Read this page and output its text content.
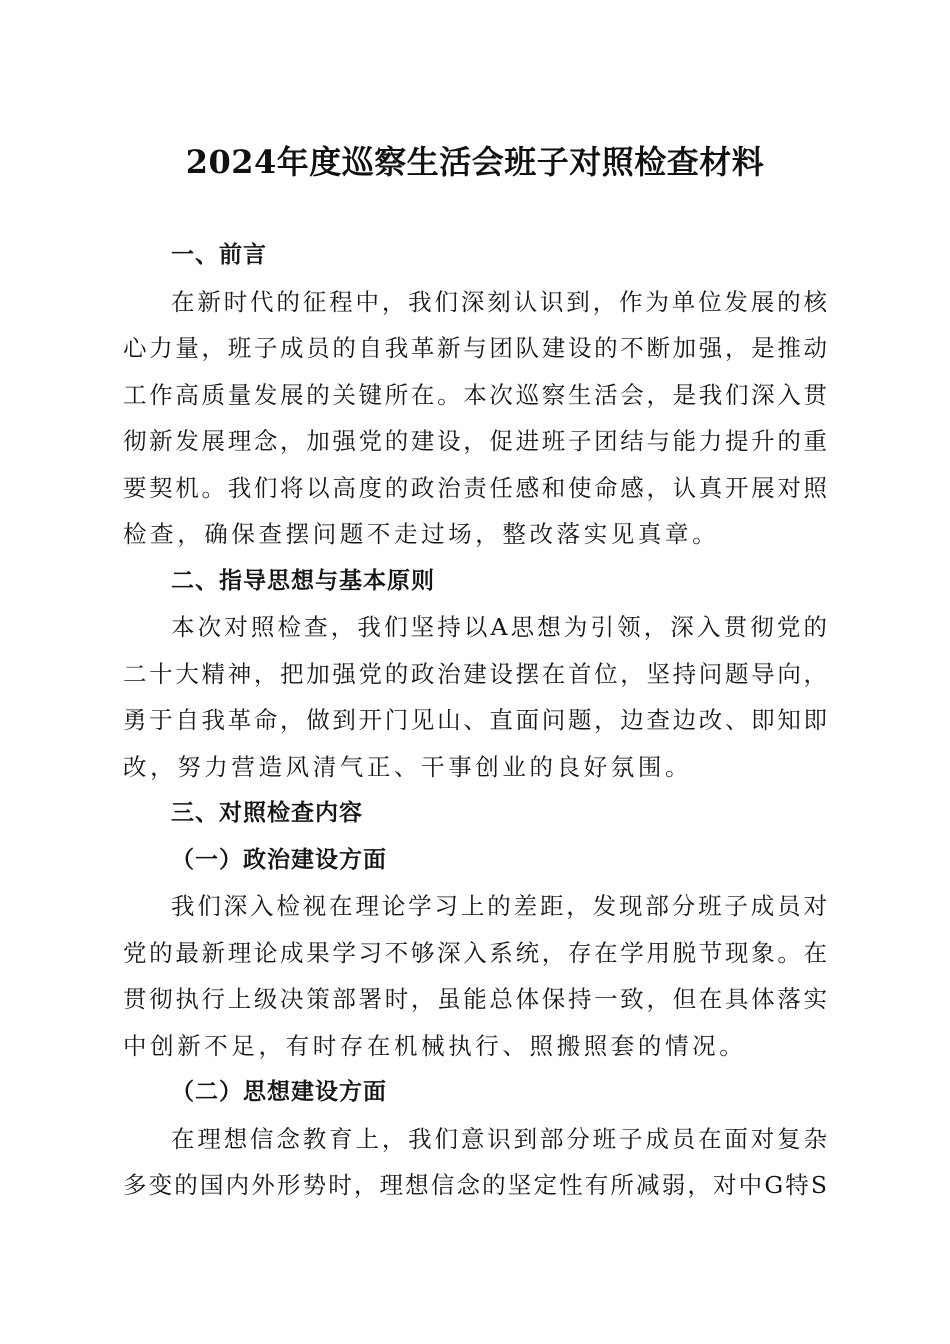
2024年度巡察生活会班子对照检查材料
一、前言
在新时代的征程中，我们深刻认识到，作为单位发展的核
心力量，班子成员的自我革新与团队建设的不断加强，是推动
工作高质量发展的关键所在。本次巡察生活会，是我们深入贯
彻新发展理念，加强党的建设，促进班子团结与能力提升的重
要契机。我们将以高度的政治责任感和使命感，认真开展对照
检查，确保查摆问题不走过场，整改落实见真章。
二、指导思想与基本原则
本次对照检查，我们坚持以A思想为引领，深入贯彻党的
二十大精神，把加强党的政治建设摆在首位，坚持问题导向，
勇于自我革命，做到开门见山、直面问题，边查边改、即知即
改，努力营造风清气正、干事创业的良好氛围。
三、对照检查内容
（一）政治建设方面
我们深入检视在理论学习上的差距，发现部分班子成员对
党的最新理论成果学习不够深入系统，存在学用脱节现象。在
贯彻执行上级决策部署时，虽能总体保持一致，但在具体落实
中创新不足，有时存在机械执行、照搬照套的情况。
（二）思想建设方面
在理想信念教育上，我们意识到部分班子成员在面对复杂
多变的国内外形势时，理想信念的坚定性有所减弱，对中G特S
